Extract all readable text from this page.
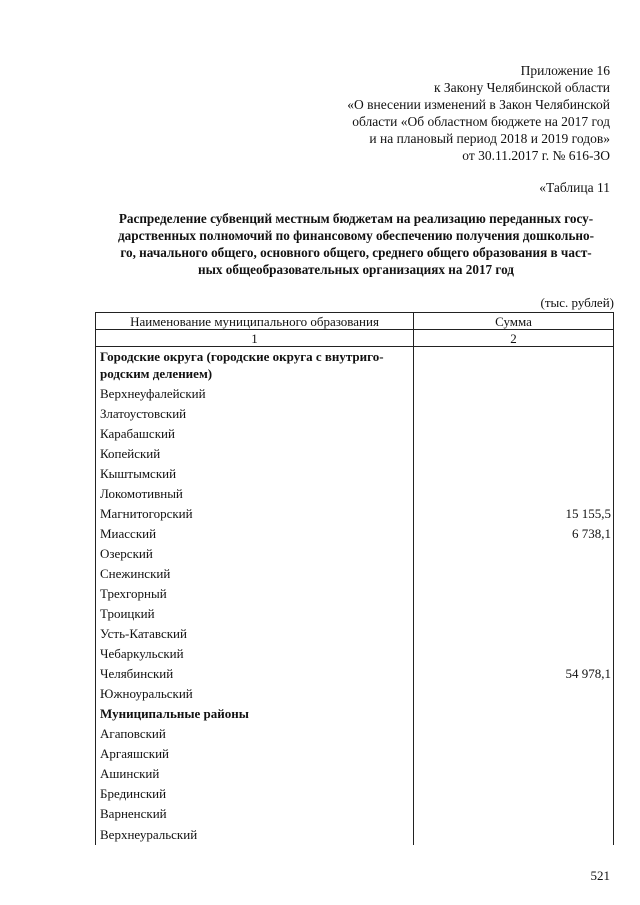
Приложение 16
к Закону Челябинской области
«О внесении изменений в Закон Челябинской
области «Об областном бюджете на 2017 год
и на плановый период 2018 и 2019 годов»
от 30.11.2017 г. № 616-ЗО
«Таблица 11
Распределение субвенций местным бюджетам на реализацию переданных госу-
дарственных полномочий по финансовому обеспечению получения дошкольно-
го, начального общего, основного общего, среднего общего образования в част-
ных общеобразовательных организациях на 2017 год
(тыс. рублей)
Наименование муниципального образования	Сумма
1	2
Городские округа (городские округа с внутриго-родским делением)	
Верхнеуфалейский	
Златоустовский	
Карабашский	
Копейский	
Кыштымский	
Локомотивный	
Магнитогорский	15 155,5
Миасский	6 738,1
Озерский	
Снежинский	
Трехгорный	
Троицкий	
Усть-Катавский	
Чебаркульский	
Челябинский	54 978,1
Южноуральский	
Муниципальные районы	
Агаповский	
Аргаяшский	
Ашинский	
Брединский	
Варненский	
Верхнеуральский	
521
